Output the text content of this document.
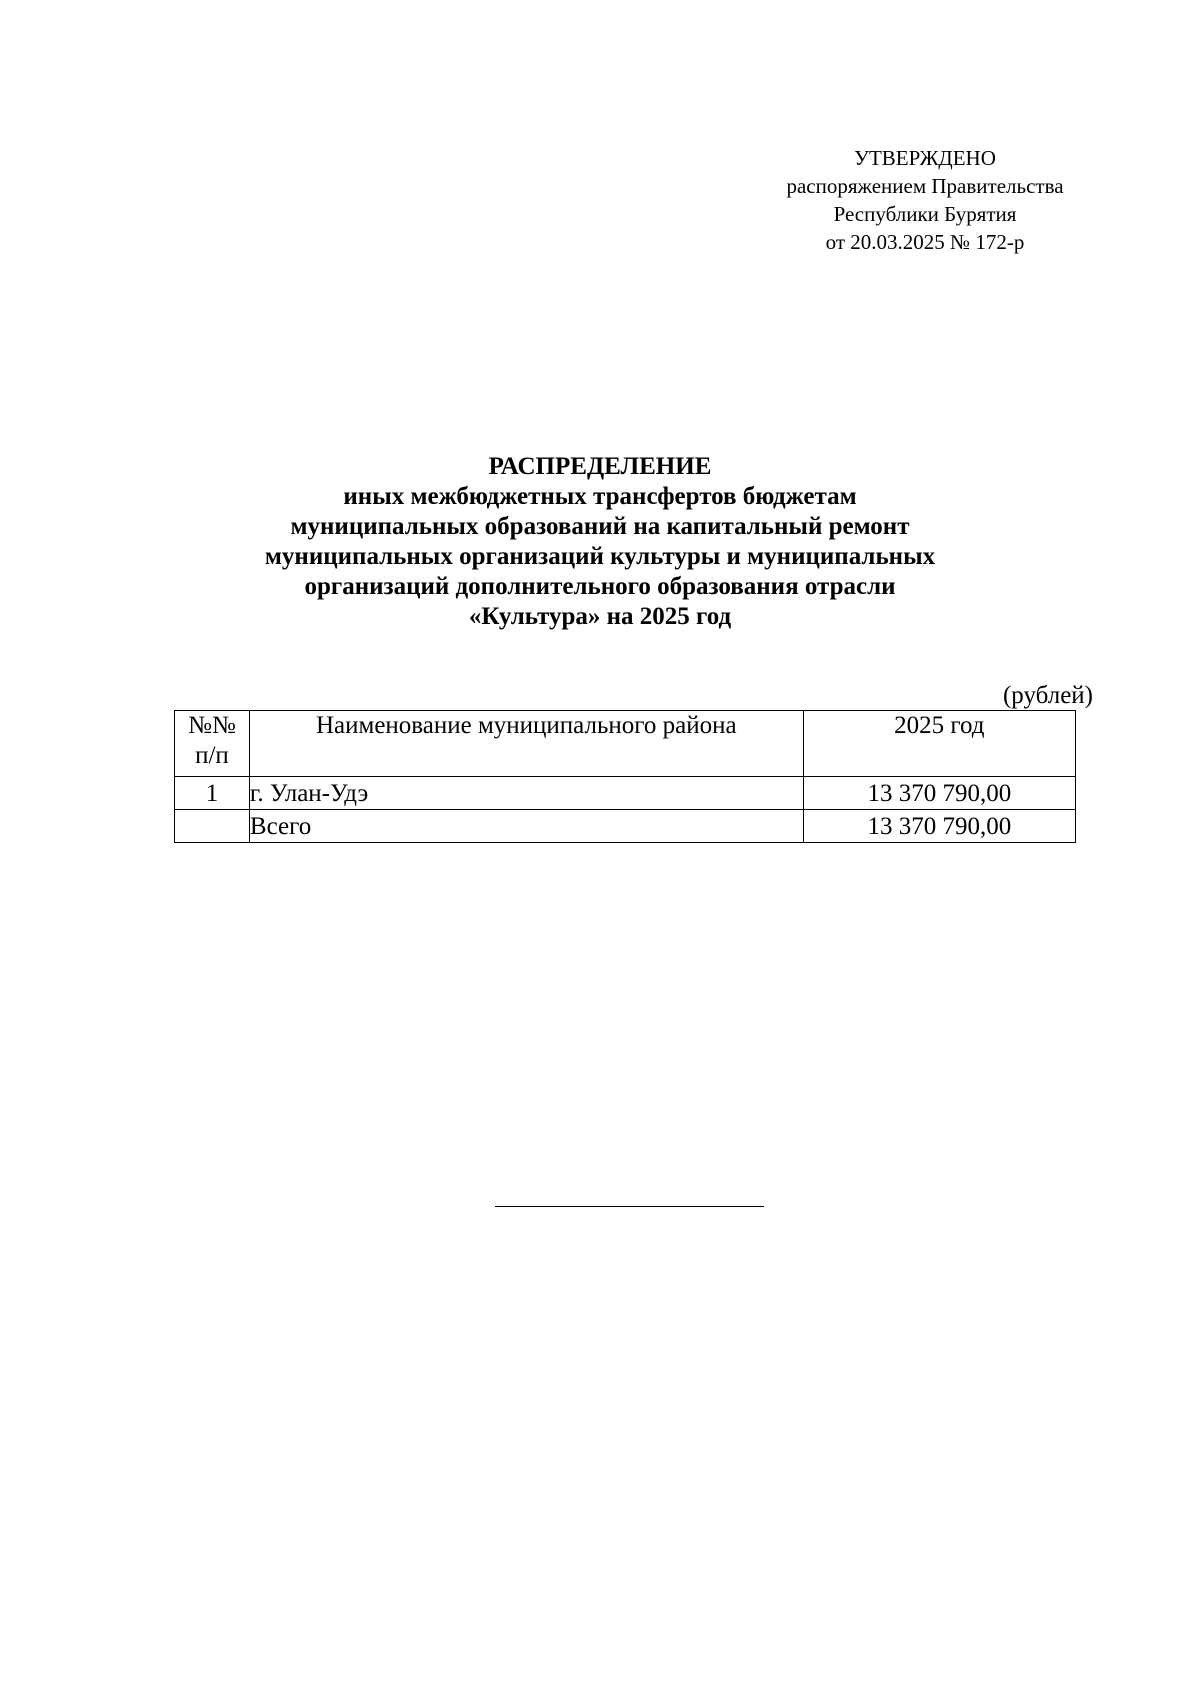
УТВЕРЖДЕНО
распоряжением Правительства
Республики Бурятия
от 20.03.2025 № 172-р
РАСПРЕДЕЛЕНИЕ
иных межбюджетных трансфертов бюджетам
муниципальных образований на капитальный ремонт
муниципальных организаций культуры и муниципальных
организаций дополнительного образования отрасли
«Культура» на 2025 год
(рублей)
№№
п/п	Наименование муниципального района	2025 год
1	г. Улан-Удэ	13 370 790,00
	Всего	13 370 790,00
